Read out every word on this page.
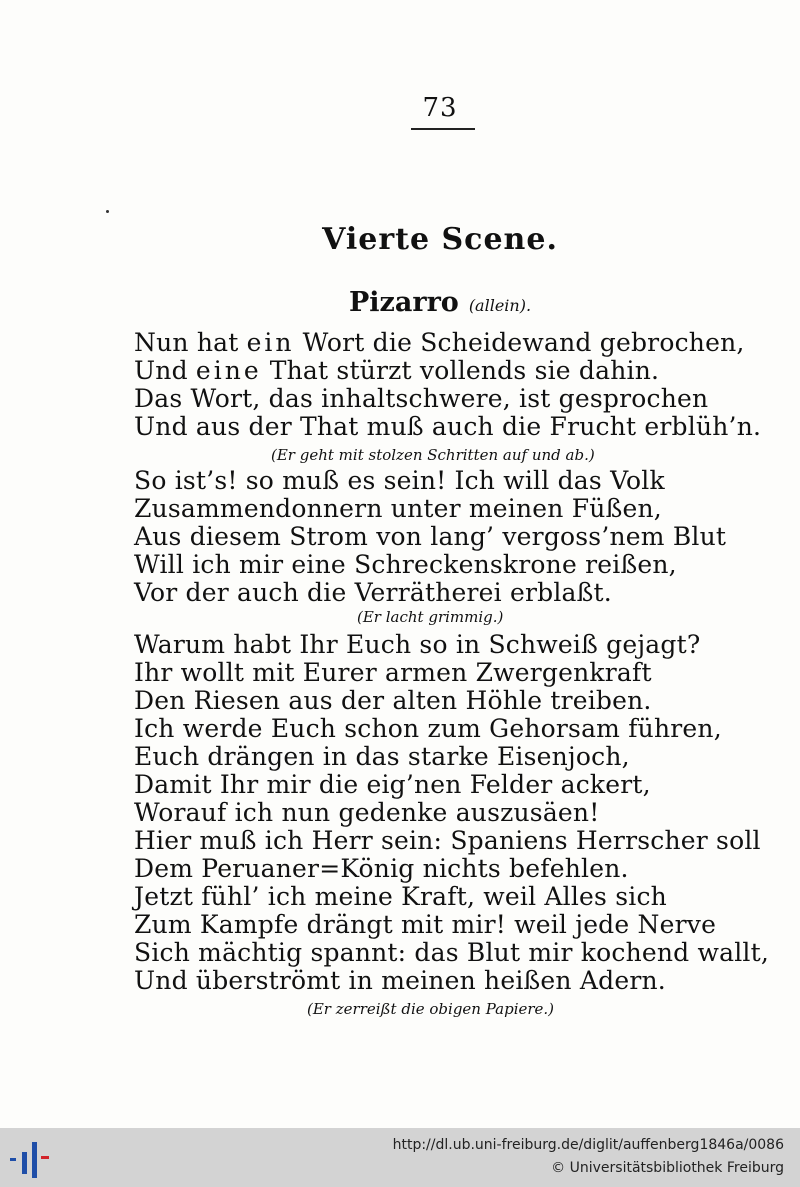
73
Vierte Scene.
Pizarro (allein).
Nun hat ein Wort die Scheidewand gebrochen,
Und eine That stürzt vollends sie dahin.
Das Wort, das inhaltschwere, ist gesprochen
Und aus der That muß auch die Frucht erblüh’n.
(Er geht mit stolzen Schritten auf und ab.)
So ist’s! so muß es sein! Ich will das Volk
Zusammendonnern unter meinen Füßen,
Aus diesem Strom von lang’ vergoss’nem Blut
Will ich mir eine Schreckenskrone reißen,
Vor der auch die Verrätherei erblaßt.
(Er lacht grimmig.)
Warum habt Ihr Euch so in Schweiß gejagt?
Ihr wollt mit Eurer armen Zwergenkraft
Den Riesen aus der alten Höhle treiben.
Ich werde Euch schon zum Gehorsam führen,
Euch drängen in das starke Eisenjoch,
Damit Ihr mir die eig’nen Felder ackert,
Worauf ich nun gedenke auszusäen!
Hier muß ich Herr sein: Spaniens Herrscher soll
Dem Peruaner=König nichts befehlen.
Jetzt fühl’ ich meine Kraft, weil Alles sich
Zum Kampfe drängt mit mir! weil jede Nerve
Sich mächtig spannt: das Blut mir kochend wallt,
Und überströmt in meinen heißen Adern.
(Er zerreißt die obigen Papiere.)
http://dl.ub.uni-freiburg.de/diglit/auffenberg1846a/0086
© Universitätsbibliothek Freiburg
